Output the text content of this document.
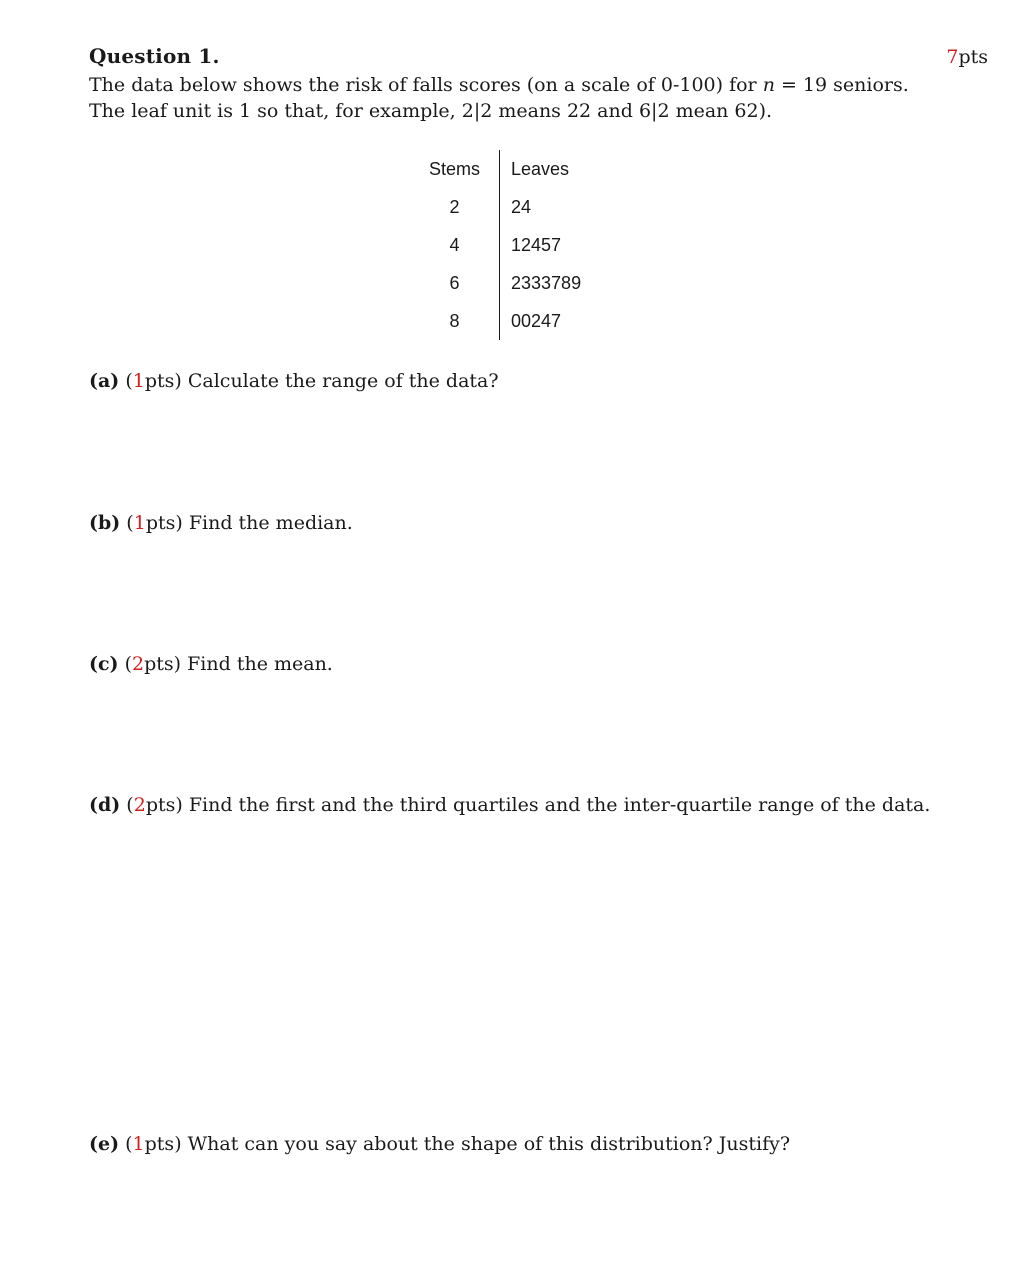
Question 1.	7pts
The data below shows the risk of falls scores (on a scale of 0-100) for n = 19 seniors. The leaf unit is 1 so that, for example, 2|2 means 22 and 6|2 mean 62).
Stems	Leaves
2	24
4	12457
6	2333789
8	00247
(a) (1pts) Calculate the range of the data?
(b) (1pts) Find the median.
(c) (2pts) Find the mean.
(d) (2pts) Find the first and the third quartiles and the inter-quartile range of the data.
(e) (1pts) What can you say about the shape of this distribution? Justify?
